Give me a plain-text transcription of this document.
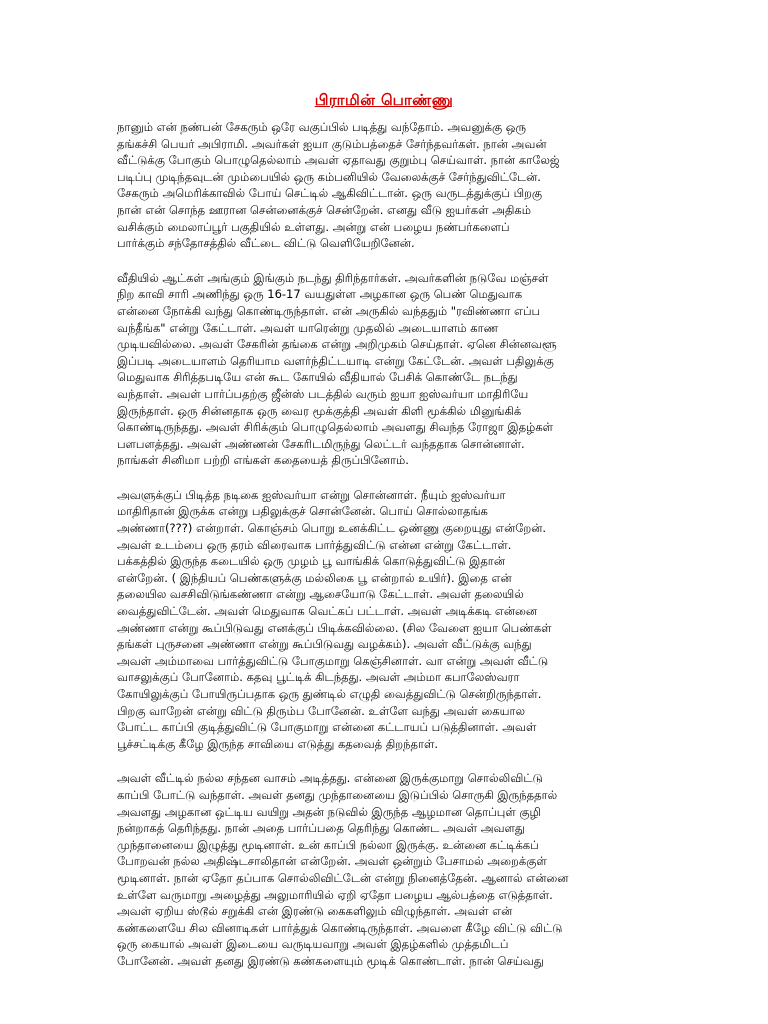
பிராமின் பொண்ணு
நானும் என் நண்பன் சேகரும் ஒரே வகுப்பில் படித்து வந்தோம். அவனுக்கு ஒரு
தங்கச்சி பெயர் அபிராமி. அவர்கள் ஐயா குடும்பத்தைச் சேர்ந்தவர்கள். நான் அவன்
வீட்டுக்கு போகும் பொழுதெல்லாம் அவள் ஏதாவது குறும்பு செய்வாள். நான் காலேஜ்
படிப்பு முடிந்தவுடன் மும்பையில் ஒரு கம்பனியில் வேலைக்குச் சேர்ந்துவிட்டேன்.
சேகரும் அமெரிக்காவில் போய் செட்டில் ஆகிவிட்டான். ஒரு வருடத்துக்குப் பிறகு
நான் என் சொந்த ஊரான சென்னைக்குச் சென்றேன். எனது வீடு ஐயர்கள் அதிகம்
வசிக்கும் மைலாப்பூர் பகுதியில் உள்ளது. அன்று என் பழைய நண்பர்களைப்
பார்க்கும் சந்தோசத்தில் வீட்டை விட்டு வெளியேறினேன்.
வீதியில் ஆட்கள் அங்கும் இங்கும் நடந்து திரிந்தார்கள். அவர்களின் நடுவே மஞ்சள்
நிற காவி சாரி அணிந்து ஒரு 16-17 வயதுள்ள அழகான ஒரு பெண் மெதுவாக
என்னை நோக்கி வந்து கொண்டிருந்தாள். என் அருகில் வந்ததும் "ரவிண்ணா எப்ப
வந்தீங்க" என்று கேட்டாள். அவள் யாரென்று முதலில் அடையாளம் காண
முடியவில்லை. அவள் சேகரின் தங்கை என்று அறிமுகம் செய்தாள். ஏனெ சின்னவளூ
இப்படி அடையாளம் தெரியாம வளர்ந்திட்டயாடி என்று கேட்டேன். அவள் பதிலுக்கு
மெதுவாக சிரித்தபடியே என் கூட கோயில் வீதியால் பேசிக் கொண்டே நடந்து
வந்தாள். அவள் பார்ப்பதற்கு ஜீன்ஸ் படத்தில் வரும் ஐயா ஐஸ்வர்யா மாதிரியே
இருந்தாள். ஒரு சின்னதாக ஒரு வைர மூக்குத்தி அவள் கிளி மூக்கில் மினுங்கிக்
கொண்டிருந்தது. அவள் சிரிக்கும் பொழுதெல்லாம் அவளது சிவந்த ரோஜா இதழ்கள்
பளபளத்தது. அவள் அண்ணன் சேகரிடமிருந்து லெட்டர் வந்ததாக சொன்னாள்.
நாங்கள் சினிமா பற்றி எங்கள் கதையைத் திருப்பினோம்.
அவளுக்குப் பிடித்த நடிகை ஐஸ்வர்யா என்று சொன்னாள். நீயும் ஐஸ்வர்யா
மாதிரிதான் இருக்க என்று பதிலுக்குச் சொன்னேன். பொய் சொல்லாதங்க
அண்ணா(???) என்றாள். கொஞ்சம் பொறு உனக்கிட்ட ஒண்ணு குறையுது என்றேன்.
அவள் உடம்பை ஒரு தரம் விரைவாக பார்த்துவிட்டு என்ன என்று கேட்டாள்.
பக்கத்தில் இருந்த கடையில் ஒரு முழம் பூ வாங்கிக் கொடுத்துவிட்டு இதான்
என்றேன். ( இந்தியப் பெண்களுக்கு மல்லிகை பூ என்றால் உயிர்). இதை என்
தலையில வசசிவிடுங்கண்ணா என்று ஆசையோடு கேட்டாள். அவள் தலையில்
வைத்துவிட்டேன். அவள் மெதுவாக வெட்கப் பட்டாள். அவள் அடிக்கடி என்னை
அண்ணா என்று கூப்பிடுவது எனக்குப் பிடிக்கவில்லை. (சில வேளை ஐயா பெண்கள்
தங்கள் புருசனை அண்ணா என்று கூப்பிடுவது வழக்கம்). அவள் வீட்டுக்கு வந்து
அவள் அம்மாவை பார்த்துவிட்டு போகுமாறு கெஞ்சினாள். வா என்று அவள் வீட்டு
வாசலுக்குப் போனோம். கதவு பூட்டிக் கிடந்தது. அவள் அம்மா கபாலேஸ்வரா
கோயிலுக்குப் போயிருப்பதாக ஒரு துண்டில் எழுதி வைத்துவிட்டு சென்றிருந்தாள்.
பிறகு வாறேன் என்று விட்டு திரும்ப போனேன். உள்ளே வந்து அவள் கையால
போட்ட காப்பி குடித்துவிட்டு போகுமாறு என்னை கட்டாயப் படுத்தினாள். அவள்
பூச்சட்டிக்கு கீழே இருந்த சாவியை எடுத்து கதவைத் திறந்தாள்.
அவள் வீட்டில் நல்ல சந்தன வாசம் அடித்தது. என்னை இருக்குமாறு சொல்லிவிட்டு
காப்பி போட்டு வந்தாள். அவள் தனது முந்தானையை இடுப்பில் சொருகி இருந்ததால்
அவளது அழகான ஒட்டிய வயிறு அதன் நடுவில் இருந்த ஆழமான தொப்புள் குழி
நன்றாகத் தெரிந்தது. நான் அதை பார்ப்பதை தெரிந்து கொண்ட அவள் அவளது
முந்தானையை இழுத்து மூடினாள். உன் காப்பி நல்லா இருக்கு. உன்னை கட்டிக்கப்
போறவன் நல்ல அதிஷ்டசாலிதான் என்றேன். அவள் ஒன்றும் பேசாமல் அறைக்குள்
மூடினாள். நான் ஏதோ தப்பாக சொல்லிவிட்டேன் என்று நினைத்தேன். ஆனால் என்னை
உள்ளே வருமாறு அழைத்து அலுமாரியில் ஏறி ஏதோ பழைய ஆல்பத்தை எடுத்தாள்.
அவள் ஏறிய ஸ்டூல் சறுக்கி என் இரண்டு கைகளிலும் விழுந்தாள். அவள் என்
கண்களையே சில வினாடிகள் பார்த்துக் கொண்டிருந்தாள். அவளை கீழே விட்டு விட்டு
ஒரு கையால் அவள் இடையை வருடியவாறு அவள் இதழ்களில் முத்தமிடப்
போனேன். அவள் தனது இரண்டு கண்களையும் மூடிக் கொண்டாள். நான் செய்வது
